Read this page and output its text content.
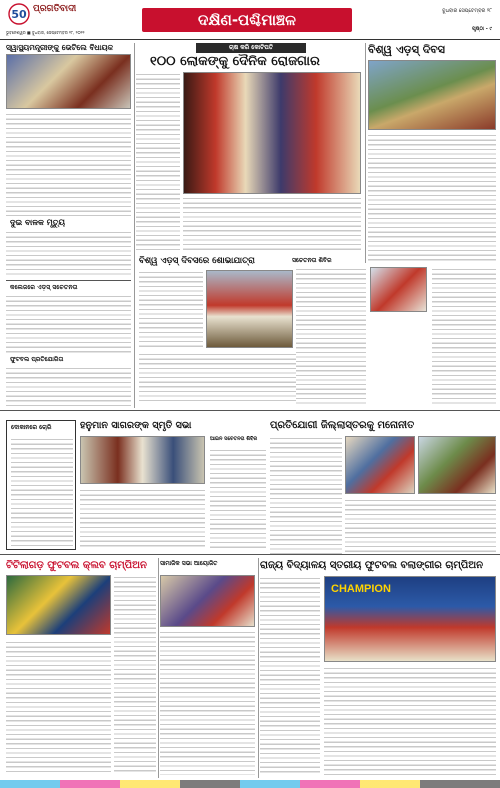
50 ପ୍ରଗତିବାଦୀ
ଦକ୍ଷିଣ-ପଶ୍ଚିମାଞ୍ଚଳ	ବୁଧବାର ସେପ୍ଟେମ୍ବର ୨୮
ପୃଷ୍ଠା - ୯
ଭୁବନେଶ୍ୱର ■ ବୁଧବାର, ସେପ୍ଟେମ୍ବର ୨୮, ୨୦୨୨
ସ୍ୱାସ୍ଥ୍ୟମନ୍ତ୍ରୀଙ୍କୁ ଭେଟିଲେ ବିଧାୟକ	ଚାଷ କରି କୋଟିପତି
୧୦୦ ଲୋକଙ୍କୁ ଦୈନିକ ରୋଜଗାର
ବିଶ୍ୱ ଏଡ଼ସ୍ ଦିବସ
ଦୁଇ ବାଳକ ମୃତ୍ୟୁ
ବିଶ୍ୱ ଏଡ଼ସ୍ ଦିବସରେ ଶୋଭାଯାତ୍ରା	ସଚେତନତା ଶିବିର
କଲେଜରେ ଏଡ଼ସ୍ ସଚେତନତା
ଫୁଟବଲ ପ୍ରତିଯୋଗିତା
ପ୍ରତିଯୋଗୀ ଜିଲ୍ଲାସ୍ତରକୁ ମନୋନୀତ
ଦୋକାନରେ ଚୋରି	ହନୁମାନ ସାଗରଙ୍କ ସ୍ମୃତି ସଭା
ଆଇନ ସଚେତନତା ଶିବିର
ଟିଟିଲାଗଡ଼ ଫୁଟବଲ କ୍ଲବ ଚାମ୍ପିଅନ	ସାମାଜିକ ସଭା ଆୟୋଜିତ	ରାଜ୍ୟ ବିଦ୍ୟାଳୟ ସ୍ତରୀୟ ଫୁଟବଲ ବଲାଙ୍ଗୀର ଚାମ୍ପିଅନ
CHAMPION
